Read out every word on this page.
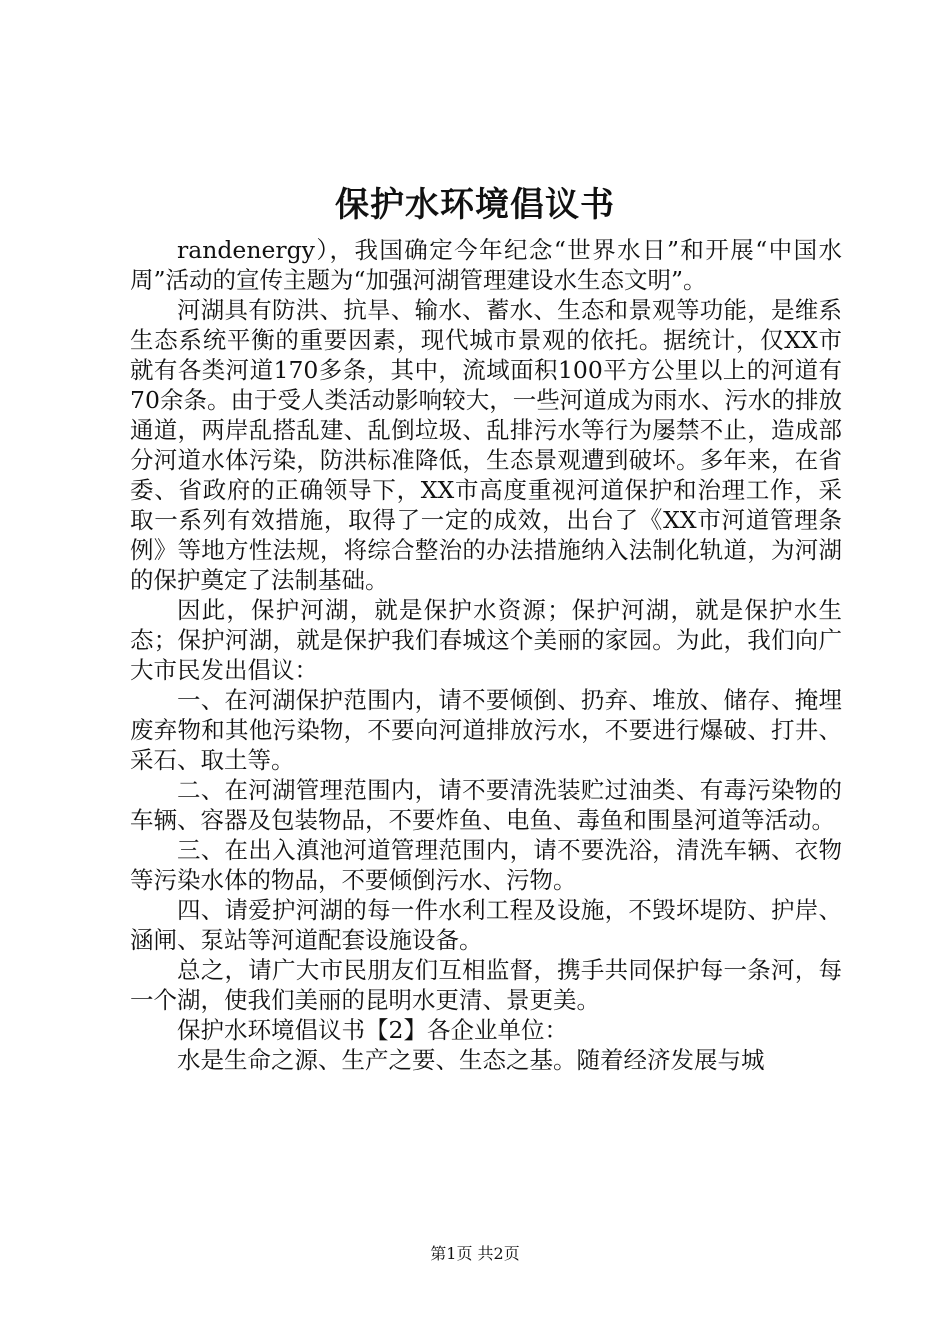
保护水环境倡议书

randenergy），我国确定今年纪念“世界水日”和开展“中国水周”活动的宣传主题为“加强河湖管理建设水生态文明”。

河湖具有防洪、抗旱、输水、蓄水、生态和景观等功能，是维系生态系统平衡的重要因素，现代城市景观的依托。据统计，仅XX市就有各类河道170多条，其中，流域面积100平方公里以上的河道有70余条。由于受人类活动影响较大，一些河道成为雨水、污水的排放通道，两岸乱搭乱建、乱倒垃圾、乱排污水等行为屡禁不止，造成部分河道水体污染，防洪标准降低，生态景观遭到破坏。多年来，在省委、省政府的正确领导下，XX市高度重视河道保护和治理工作，采取一系列有效措施，取得了一定的成效，出台了《XX市河道管理条例》等地方性法规，将综合整治的办法措施纳入法制化轨道，为河湖的保护奠定了法制基础。

因此，保护河湖，就是保护水资源；保护河湖，就是保护水生态；保护河湖，就是保护我们春城这个美丽的家园。为此，我们向广大市民发出倡议：

一、在河湖保护范围内，请不要倾倒、扔弃、堆放、储存、掩埋废弃物和其他污染物，不要向河道排放污水，不要进行爆破、打井、采石、取土等。

二、在河湖管理范围内，请不要清洗装贮过油类、有毒污染物的车辆、容器及包装物品，不要炸鱼、电鱼、毒鱼和围垦河道等活动。

三、在出入滇池河道管理范围内，请不要洗浴，清洗车辆、衣物等污染水体的物品，不要倾倒污水、污物。

四、请爱护河湖的每一件水利工程及设施，不毁坏堤防、护岸、涵闸、泵站等河道配套设施设备。

总之，请广大市民朋友们互相监督，携手共同保护每一条河，每一个湖，使我们美丽的昆明水更清、景更美。

保护水环境倡议书【2】各企业单位：

水是生命之源、生产之要、生态之基。随着经济发展与城

第1页 共2页
